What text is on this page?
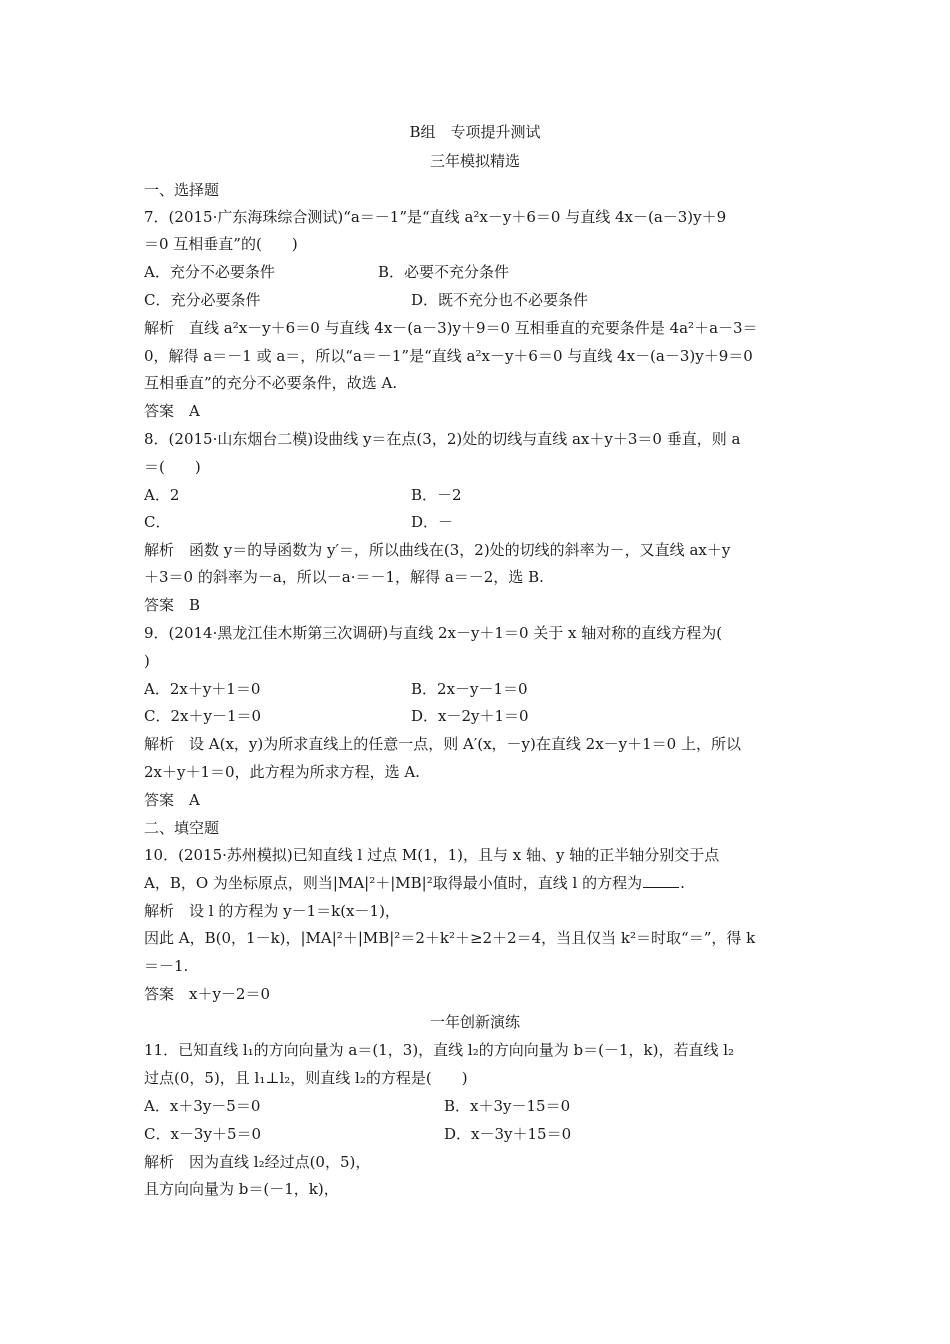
B组　专项提升测试
三年模拟精选
一、选择题
7．(2015·广东海珠综合测试)“a＝－1”是“直线 a²x－y＋6＝0 与直线 4x－(a－3)y＋9
＝0 互相垂直”的(　　)
A．充分不必要条件	B．必要不充分条件
C．充分必要条件	D．既不充分也不必要条件
解析　直线 a²x－y＋6＝0 与直线 4x－(a－3)y＋9＝0 互相垂直的充要条件是 4a²＋a－3＝
0，解得 a＝－1 或 a＝，所以“a＝－1”是“直线 a²x－y＋6＝0 与直线 4x－(a－3)y＋9＝0
互相垂直”的充分不必要条件，故选 A.
答案　A
8．(2015·山东烟台二模)设曲线 y＝在点(3，2)处的切线与直线 ax＋y＋3＝0 垂直，则 a
＝(　　)
A．2	B．－2
C．	D．－
解析　函数 y＝的导函数为 y′＝，所以曲线在(3，2)处的切线的斜率为－，又直线 ax＋y
＋3＝0 的斜率为－a，所以－a·＝－1，解得 a＝－2，选 B.
答案　B
9．(2014·黑龙江佳木斯第三次调研)与直线 2x－y＋1＝0 关于 x 轴对称的直线方程为(
)
A．2x＋y＋1＝0	B．2x－y－1＝0
C．2x＋y－1＝0	D．x－2y＋1＝0
解析　设 A(x，y)为所求直线上的任意一点，则 A′(x，－y)在直线 2x－y＋1＝0 上，所以
2x＋y＋1＝0，此方程为所求方程，选 A.
答案　A
二、填空题
10．(2015·苏州模拟)已知直线 l 过点 M(1，1)，且与 x 轴、y 轴的正半轴分别交于点
A，B，O 为坐标原点，则当|MA|²＋|MB|²取得最小值时，直线 l 的方程为	.
解析　设 l 的方程为 y－1＝k(x－1)，
因此 A，B(0，1－k)，|MA|²＋|MB|²＝2＋k²＋≥2＋2＝4，当且仅当 k²＝时取“＝”，得 k
＝－1.
答案　x＋y－2＝0
一年创新演练
11．已知直线 l₁的方向向量为 a＝(1，3)，直线 l₂的方向向量为 b＝(－1，k)，若直线 l₂
过点(0，5)，且 l₁⊥l₂，则直线 l₂的方程是(　　)
A．x＋3y－5＝0	B．x＋3y－15＝0
C．x－3y＋5＝0	D．x－3y＋15＝0
解析　因为直线 l₂经过点(0，5)，
且方向向量为 b＝(－1，k)，
